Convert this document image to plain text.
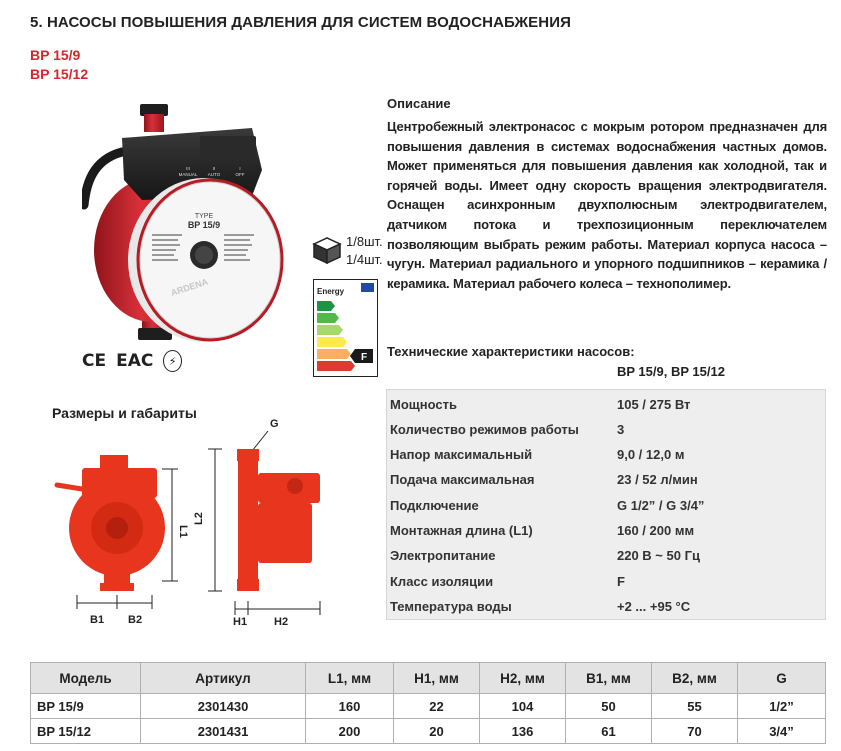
5. НАСОСЫ ПОВЫШЕНИЯ ДАВЛЕНИЯ ДЛЯ СИСТЕМ ВОДОСНАБЖЕНИЯ
BP 15/9
BP 15/12
TYPE
BP 15/9
ARDENA
III
MANUAL
II
AUTO
I
OFF
1/8шт.
1/4шт.
Energy
F
CE EAC	⚡
Описание
Центробежный электронасос с мокрым ротором предназначен для повышения давления в системах водоснабжения частных домов. Может применяться для повышения давления как холодной, так и горячей воды. Имеет одну скорость вращения электродвигателя. Оснащен асинхронным двухполюсным электродвигателем, датчиком потока и трехпозиционным переключателем позволяющим выбрать режим работы. Материал корпуса насоса – чугун. Материал радиального и упорного подшипников – керамика / керамика. Материал рабочего колеса – технополимер.
Технические характеристики насосов:
BP 15/9, BP 15/12
Мощность	105 / 275 Вт
Количество режимов работы	3
Напор максимальный	9,0 / 12,0 м
Подача максимальная	23 / 52 л/мин
Подключение	G 1/2” / G 3/4”
Монтажная длина (L1)	160 / 200 мм
Электропитание	220 В ~ 50 Гц
Класс изоляции	F
Температура воды	+2 ... +95 °С
Размеры и габариты
L1
B1 B2
G
L2
H1 H2
Модель	Артикул	L1, мм	H1, мм	H2, мм	B1, мм	B2, мм	G
BP 15/9	2301430	160	22	104	50	55	1/2”
BP 15/12	2301431	200	20	136	61	70	3/4”
